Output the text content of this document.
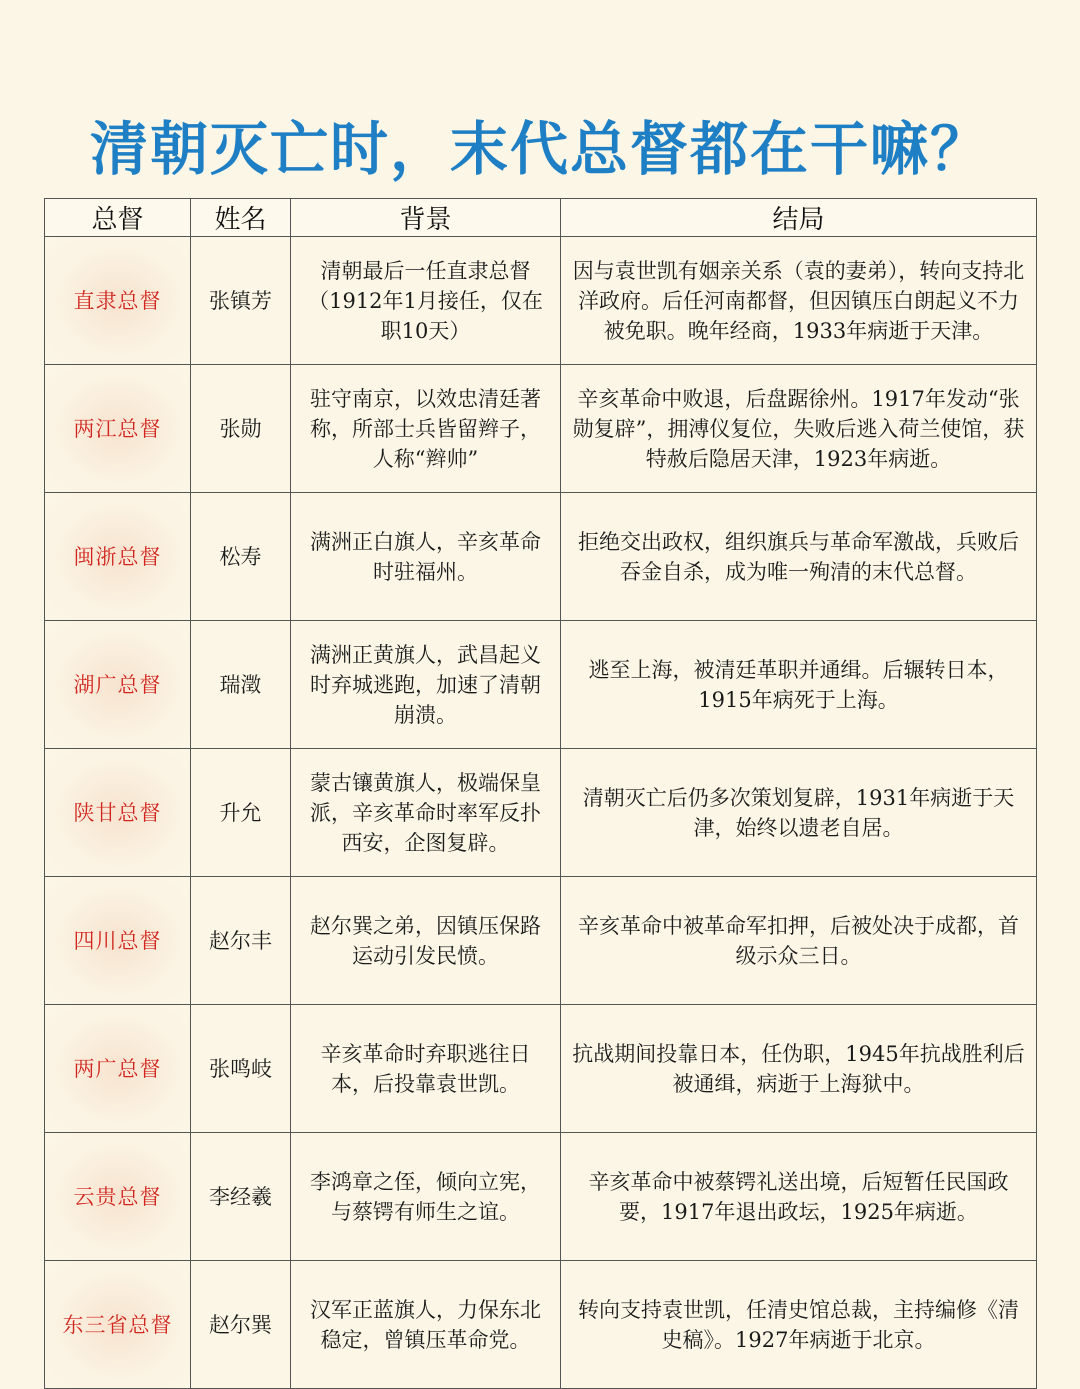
清朝灭亡时，末代总督都在干嘛？
总督	姓名	背景	结局
直隶总督	张镇芳	清朝最后一任直隶总督（1912年1月接任，仅在职10天）	因与袁世凯有姻亲关系（袁的妻弟），转向支持北洋政府。后任河南都督，但因镇压白朗起义不力被免职。晚年经商，1933年病逝于天津。
两江总督	张勋	驻守南京，以效忠清廷著称，所部士兵皆留辫子，人称“辫帅”	辛亥革命中败退，后盘踞徐州。1917年发动“张勋复辟”，拥溥仪复位，失败后逃入荷兰使馆，获特赦后隐居天津，1923年病逝。
闽浙总督	松寿	满洲正白旗人，辛亥革命时驻福州。	拒绝交出政权，组织旗兵与革命军激战，兵败后吞金自杀，成为唯一殉清的末代总督。
湖广总督	瑞澂	满洲正黄旗人，武昌起义时弃城逃跑，加速了清朝崩溃。	逃至上海，被清廷革职并通缉。后辗转日本，1915年病死于上海。
陕甘总督	升允	蒙古镶黄旗人，极端保皇派，辛亥革命时率军反扑西安，企图复辟。	清朝灭亡后仍多次策划复辟，1931年病逝于天津，始终以遗老自居。
四川总督	赵尔丰	赵尔巽之弟，因镇压保路运动引发民愤。	辛亥革命中被革命军扣押，后被处决于成都，首级示众三日。
两广总督	张鸣岐	辛亥革命时弃职逃往日本，后投靠袁世凯。	抗战期间投靠日本，任伪职，1945年抗战胜利后被通缉，病逝于上海狱中。
云贵总督	李经羲	李鸿章之侄，倾向立宪，与蔡锷有师生之谊。	辛亥革命中被蔡锷礼送出境，后短暂任民国政要，1917年退出政坛，1925年病逝。
东三省总督	赵尔巽	汉军正蓝旗人，力保东北稳定，曾镇压革命党。	转向支持袁世凯，任清史馆总裁，主持编修《清史稿》。1927年病逝于北京。
